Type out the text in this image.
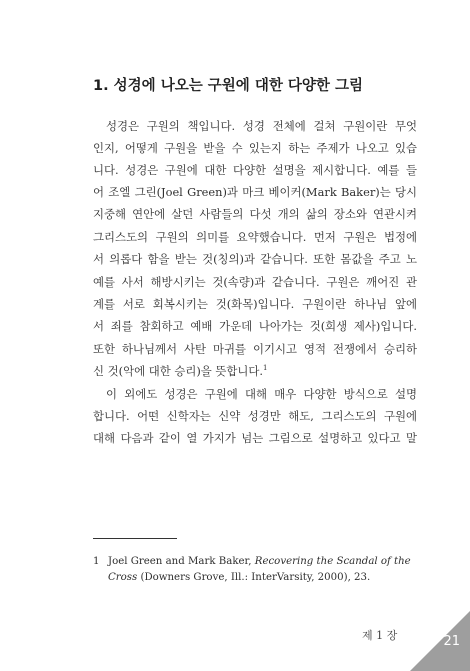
1. 성경에 나오는 구원에 대한 다양한 그림
성경은 구원의 책입니다. 성경 전체에 걸쳐 구원이란 무엇
인지, 어떻게 구원을 받을 수 있는지 하는 주제가 나오고 있습
니다. 성경은 구원에 대한 다양한 설명을 제시합니다. 예를 들
어 조엘 그린(Joel Green)과 마크 베이커(Mark Baker)는 당시
지중해 연안에 살던 사람들의 다섯 개의 삶의 장소와 연관시켜
그리스도의 구원의 의미를 요약했습니다. 먼저 구원은 법정에
서 의롭다 함을 받는 것(칭의)과 같습니다. 또한 몸값을 주고 노
예를 사서 해방시키는 것(속량)과 같습니다. 구원은 깨어진 관
계를 서로 회복시키는 것(화목)입니다. 구원이란 하나님 앞에
서 죄를 참회하고 예배 가운데 나아가는 것(희생 제사)입니다.
또한 하나님께서 사탄 마귀를 이기시고 영적 전쟁에서 승리하
신 것(악에 대한 승리)을 뜻합니다.$^1$
이 외에도 성경은 구원에 대해 매우 다양한 방식으로 설명
합니다. 어떤 신학자는 신약 성경만 해도, 그리스도의 구원에
대해 다음과 같이 열 가지가 넘는 그림으로 설명하고 있다고 말
1 Joel Green and Mark Baker, Recovering the Scandal of the
Cross (Downers Grove, Ill.: InterVarsity, 2000), 23.
제 1 장	21
